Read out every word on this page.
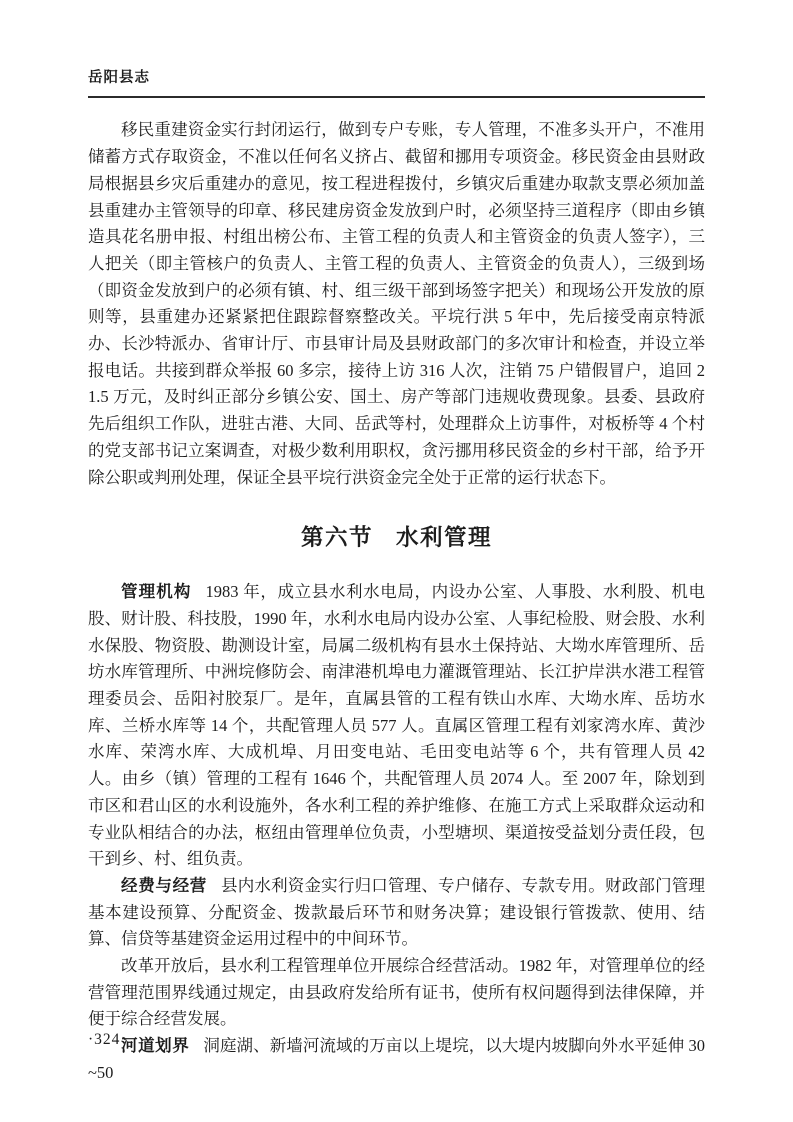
岳阳县志

移民重建资金实行封闭运行，做到专户专账，专人管理，不准多头开户，不准用储蓄方式存取资金，不准以任何名义挤占、截留和挪用专项资金。移民资金由县财政局根据县乡灾后重建办的意见，按工程进程拨付，乡镇灾后重建办取款支票必须加盖县重建办主管领导的印章、移民建房资金发放到户时，必须坚持三道程序（即由乡镇造具花名册申报、村组出榜公布、主管工程的负责人和主管资金的负责人签字），三人把关（即主管核户的负责人、主管工程的负责人、主管资金的负责人），三级到场（即资金发放到户的必须有镇、村、组三级干部到场签字把关）和现场公开发放的原则等，县重建办还紧紧把住跟踪督察整改关。平垸行洪 5 年中，先后接受南京特派办、长沙特派办、省审计厅、市县审计局及县财政部门的多次审计和检查，并设立举报电话。共接到群众举报 60 多宗，接待上访 316 人次，注销 75 户错假冒户，追回 21.5 万元，及时纠正部分乡镇公安、国土、房产等部门违规收费现象。县委、县政府先后组织工作队，进驻古港、大同、岳武等村，处理群众上访事件，对板桥等 4 个村的党支部书记立案调查，对极少数利用职权，贪污挪用移民资金的乡村干部，给予开除公职或判刑处理，保证全县平垸行洪资金完全处于正常的运行状态下。

第六节 水利管理

管理机构 1983 年，成立县水利水电局，内设办公室、人事股、水利股、机电股、财计股、科技股，1990 年，水利水电局内设办公室、人事纪检股、财会股、水利水保股、物资股、勘测设计室，局属二级机构有县水土保持站、大坳水库管理所、岳坊水库管理所、中洲垸修防会、南津港机埠电力灌溉管理站、长江护岸洪水港工程管理委员会、岳阳衬胶泵厂。是年，直属县管的工程有铁山水库、大坳水库、岳坊水库、兰桥水库等 14 个，共配管理人员 577 人。直属区管理工程有刘家湾水库、黄沙水库、荣湾水库、大成机埠、月田变电站、毛田变电站等 6 个，共有管理人员 42 人。由乡（镇）管理的工程有 1646 个，共配管理人员 2074 人。至 2007 年，除划到市区和君山区的水利设施外，各水利工程的养护维修、在施工方式上采取群众运动和专业队相结合的办法，枢纽由管理单位负责，小型塘坝、渠道按受益划分责任段，包干到乡、村、组负责。

经费与经营 县内水利资金实行归口管理、专户储存、专款专用。财政部门管理基本建设预算、分配资金、拨款最后环节和财务决算；建设银行管拨款、使用、结算、信贷等基建资金运用过程中的中间环节。

改革开放后，县水利工程管理单位开展综合经营活动。1982 年，对管理单位的经营管理范围界线通过规定，由县政府发给所有证书，使所有权问题得到法律保障，并便于综合经营发展。

河道划界 洞庭湖、新墙河流域的万亩以上堤垸，以大堤内坡脚向外水平延伸 30~50

·324·
